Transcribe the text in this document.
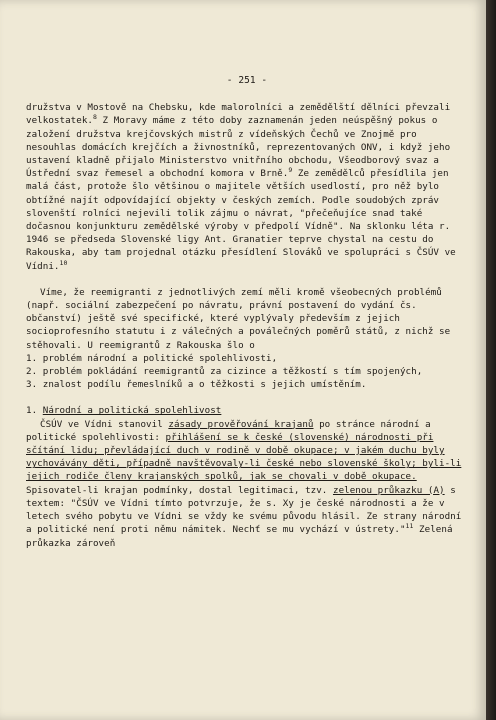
- 251 -

družstva v Mostově na Chebsku, kde malorolníci a zemědělští dělníci převzali velkostatek.$^8$ Z Moravy máme z této doby zaznamenán jeden neúspěšný pokus o založení družstva krejčovských mistrů z vídeňských Čechů ve Znojmě pro nesouhlas domácích krejčích a živnostníků, reprezentovaných ONV, i když jeho ustavení kladně přijalo Ministerstvo vnitřního obchodu, Všeodborový svaz a Ústřední svaz řemesel a obchodní komora v Brně.$^9$ Ze zemědělců přesídlila jen malá část, protože šlo většinou o majitele větších usedlostí, pro něž bylo obtížné najít odpovídající objekty v českých zemích. Podle soudobých zpráv slovenští rolníci nejevili tolik zájmu o návrat, "přečeňujíce snad také dočasnou konjunkturu zemědělské výroby v předpolí Vídně". Na sklonku léta r. 1946 se předseda Slovenské ligy Ant. Granatier teprve chystal na cestu do Rakouska, aby tam projednal otázku přesídlení Slováků ve spolupráci s ČSÚV ve Vídni.$^{10}$

Víme, že reemigranti z jednotlivých zemí měli kromě všeobecných problémů (např. sociální zabezpečení po návratu, právní postavení do vydání čs. občanství) ještě své specifické, které vyplývaly především z jejich socioprofesního statutu i z válečných a poválečných poměrů států, z nichž se stěhovali. U reemigrantů z Rakouska šlo o

1. problém národní a politické spolehlivosti,

2. problém pokládání reemigrantů za cizince a těžkostí s tím spojených,

3. znalost podílu řemeslníků a o těžkosti s jejich umístěním.

1. Národní a politická spolehlivost

ČSÚV ve Vídni stanovil zásady prověřování krajanů po stránce národní a politické spolehlivosti: přihlášení se k české (slovenské) národnosti při sčítání lidu; převládající duch v rodině v době okupace; v jakém duchu byly vychovávány děti, případně navštěvovaly-li české nebo slovenské školy; byli-li jejich rodiče členy krajanských spolků, jak se chovali v době okupace. Spisovatel-li krajan podmínky, dostal legitimaci, tzv. zelenou průkazku (A) s textem: "ČSÚV ve Vídni tímto potvrzuje, že s. Xy je české národnosti a že v letech svého pobytu ve Vídni se vždy ke svému původu hlásil. Ze strany národní a politické není proti němu námitek. Nechť se mu vychází v ústrety."$^{11}$ Zelená průkazka zároveň
